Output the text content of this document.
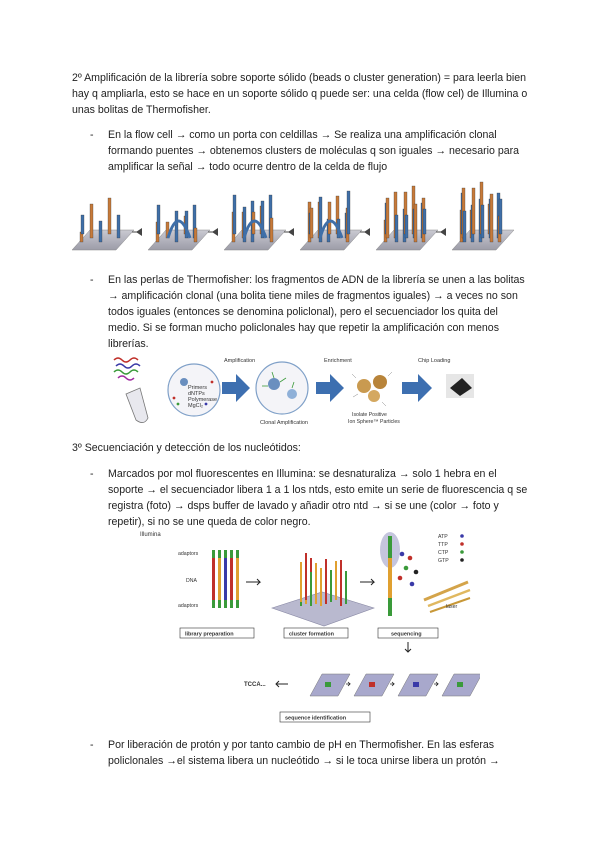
2º Amplificación de la librería sobre soporte sólido (beads o cluster generation) = para leerla bien hay q ampliarla, esto se hace en un soporte sólido q puede ser: una celda (flow cel) de Illumina o unas bolitas de Thermofisher.

-	En la flow cell → como un porta con celdillas → Se realiza una amplificación clonal formando puentes → obtenemos clusters de moléculas q son iguales → necesario para amplificar la señal → todo ocurre dentro de la celda de flujo

-	En las perlas de Thermofisher: los fragmentos de ADN de la librería se unen a las bolitas → amplificación clonal (una bolita tiene miles de fragmentos iguales) → a veces no son todos iguales (entonces se denomina policlonal), pero el secuenciador los quita del medio. Si se forman mucho policlonales hay que repetir la amplificación con menos librerías.

Primers
dNTPs
Polymerase
MgCl₂
Amplification
Clonal Amplification
Enrichment
Isolate Positive
Ion Sphere™ Particles
Chip Loading

3º Secuenciación y detección de los nucleótidos:

-	Marcados por mol fluorescentes en Illumina: se desnaturaliza → solo 1 hebra en el soporte → el secuenciador libera 1 a 1 los ntds, esto emite un serie de fluorescencia q se registra (foto) → dsps buffer de lavado y añadir otro ntd → si se une (color → foto y repetir), si no se une queda de color negro.

Illumina
adaptors
DNA
adaptors
ATP
TTP
CTP
GTP
laser
library preparation	cluster formation	sequencing
TCCA...
sequence identification
-	Por liberación de protón y por tanto cambio de pH en Thermofisher. En las esferas policlonales →el sistema libera un nucleótido → si le toca unirse libera un protón →
